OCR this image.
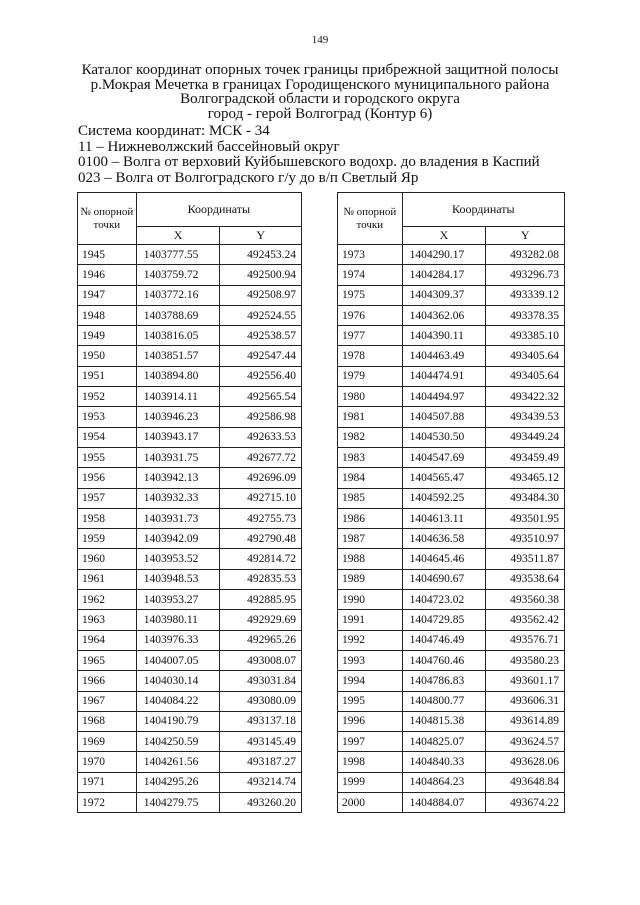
149
Каталог координат опорных точек границы прибрежной защитной полосы
р.Мокрая Мечетка в границах Городищенского муниципального района
Волгоградской области и городского округа
город - герой Волгоград (Контур 6)
Система координат: МСК - 34
11 – Нижневолжский бассейновый округ
0100 – Волга от верховий Куйбышевского водохр. до владения в Каспий
023 – Волга от Волгоградского г/у до в/п Светлый Яр
№ опорной точки	Координаты	
	X	Y
1945	1403777.55	492453.24
1946	1403759.72	492500.94
1947	1403772.16	492508.97
1948	1403788.69	492524.55
1949	1403816.05	492538.57
1950	1403851.57	492547.44
1951	1403894.80	492556.40
1952	1403914.11	492565.54
1953	1403946.23	492586.98
1954	1403943.17	492633.53
1955	1403931.75	492677.72
1956	1403942.13	492696.09
1957	1403932.33	492715.10
1958	1403931.73	492755.73
1959	1403942.09	492790.48
1960	1403953.52	492814.72
1961	1403948.53	492835.53
1962	1403953.27	492885.95
1963	1403980.11	492929.69
1964	1403976.33	492965.26
1965	1404007.05	493008.07
1966	1404030.14	493031.84
1967	1404084.22	493080.09
1968	1404190.79	493137.18
1969	1404250.59	493145.49
1970	1404261.56	493187.27
1971	1404295.26	493214.74
1972	1404279.75	493260.20
№ опорной точки	Координаты	
	X	Y
1973	1404290.17	493282.08
1974	1404284.17	493296.73
1975	1404309.37	493339.12
1976	1404362.06	493378.35
1977	1404390.11	493385.10
1978	1404463.49	493405.64
1979	1404474.91	493405.64
1980	1404494.97	493422.32
1981	1404507.88	493439.53
1982	1404530.50	493449.24
1983	1404547.69	493459.49
1984	1404565.47	493465.12
1985	1404592.25	493484.30
1986	1404613.11	493501.95
1987	1404636.58	493510.97
1988	1404645.46	493511.87
1989	1404690.67	493538.64
1990	1404723.02	493560.38
1991	1404729.85	493562.42
1992	1404746.49	493576.71
1993	1404760.46	493580.23
1994	1404786.83	493601.17
1995	1404800.77	493606.31
1996	1404815.38	493614.89
1997	1404825.07	493624.57
1998	1404840.33	493628.06
1999	1404864.23	493648.84
2000	1404884.07	493674.22
